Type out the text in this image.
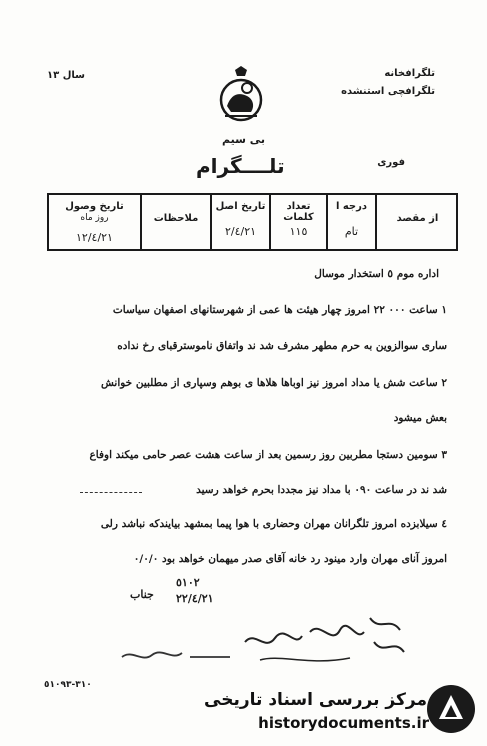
سال ١٣	تلگرافخانه
تلگرافچی استنشده
بی سیم
تلــــگرام	فوری
تاریخ وصول
روز ماه
١٢/٤/٢١
ملاحظات
تاریخ اصل
٢/٤/٢١
تعداد کلمات
١١٥
درجه ا
تام
از مقصد
اداره موم ٥ استخدار موسال
١ ساعت ٠٠٠ ٢٢ امروز چهار هیئت ها عمی از شهرستانهای اصفهان سیاسات
ساری سوالزوین به حرم مطهر مشرف شد ند واتفاق ناموسترقبای رخ نداده
٢ ساعت شش یا مداد امروز نیز اوباها هلاها ی بوهم وسپاری از مطلبین خوانش
بعش میشود
٣ سومین دستجا مطربین روز رسمین بعد از ساعت هشت عصر حامی میکند اوفاع
شد ند در ساعت ٠٩٠ با مداد نیز مجددا بحرم خواهد رسید
٤ سیلابزده امروز تلگرانان مهران وحضاری با هوا پیما بمشهد بیایندکه نباشد رلی
امروز آنای مهران وارد مینود رد خانه آقای صدر میهمان خواهد بود ٠/٠/٠
٥١٠٢
جناب ٢٢/٤/٢١
٣١٠-٥١٠٩٣
مرکز بررسی اسناد تاریخی
historydocuments.ir
